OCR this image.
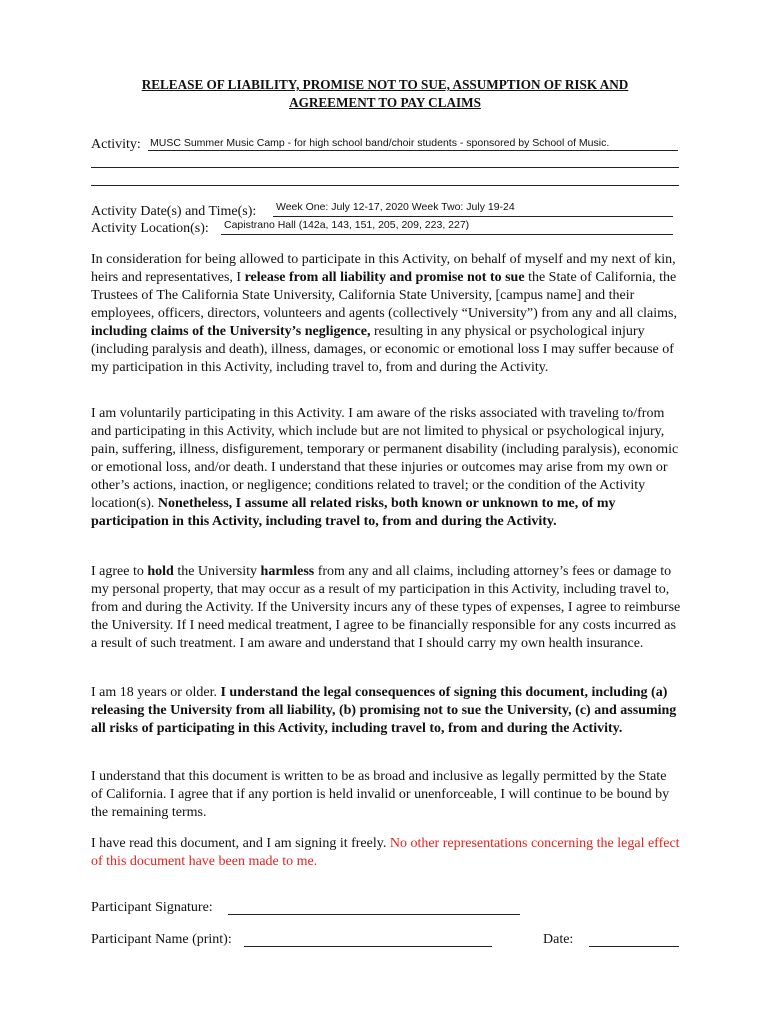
RELEASE OF LIABILITY, PROMISE NOT TO SUE, ASSUMPTION OF RISK AND
AGREEMENT TO PAY CLAIMS
Activity: MUSC Summer Music Camp - for high school band/choir students - sponsored by School of Music.
Activity Date(s) and Time(s): Week One: July 12-17, 2020 Week Two: July 19-24
Activity Location(s): Capistrano Hall (142a, 143, 151, 205, 209, 223, 227)

In consideration for being allowed to participate in this Activity, on behalf of myself and my next of kin, heirs and representatives, I release from all liability and promise not to sue the State of California, the Trustees of The California State University, California State University, [campus name] and their employees, officers, directors, volunteers and agents (collectively “University”) from any and all claims, including claims of the University’s negligence, resulting in any physical or psychological injury (including paralysis and death), illness, damages, or economic or emotional loss I may suffer because of my participation in this Activity, including travel to, from and during the Activity.

I am voluntarily participating in this Activity. I am aware of the risks associated with traveling to/from and participating in this Activity, which include but are not limited to physical or psychological injury, pain, suffering, illness, disfigurement, temporary or permanent disability (including paralysis), economic or emotional loss, and/or death. I understand that these injuries or outcomes may arise from my own or other’s actions, inaction, or negligence; conditions related to travel; or the condition of the Activity location(s). Nonetheless, I assume all related risks, both known or unknown to me, of my participation in this Activity, including travel to, from and during the Activity.

I agree to hold the University harmless from any and all claims, including attorney’s fees or damage to my personal property, that may occur as a result of my participation in this Activity, including travel to, from and during the Activity. If the University incurs any of these types of expenses, I agree to reimburse the University. If I need medical treatment, I agree to be financially responsible for any costs incurred as a result of such treatment. I am aware and understand that I should carry my own health insurance.

I am 18 years or older. I understand the legal consequences of signing this document, including (a) releasing the University from all liability, (b) promising not to sue the University, (c) and assuming all risks of participating in this Activity, including travel to, from and during the Activity.

I understand that this document is written to be as broad and inclusive as legally permitted by the State of California. I agree that if any portion is held invalid or unenforceable, I will continue to be bound by the remaining terms.

I have read this document, and I am signing it freely. No other representations concerning the legal effect of this document have been made to me.

Participant Signature:
Participant Name (print):	Date:
